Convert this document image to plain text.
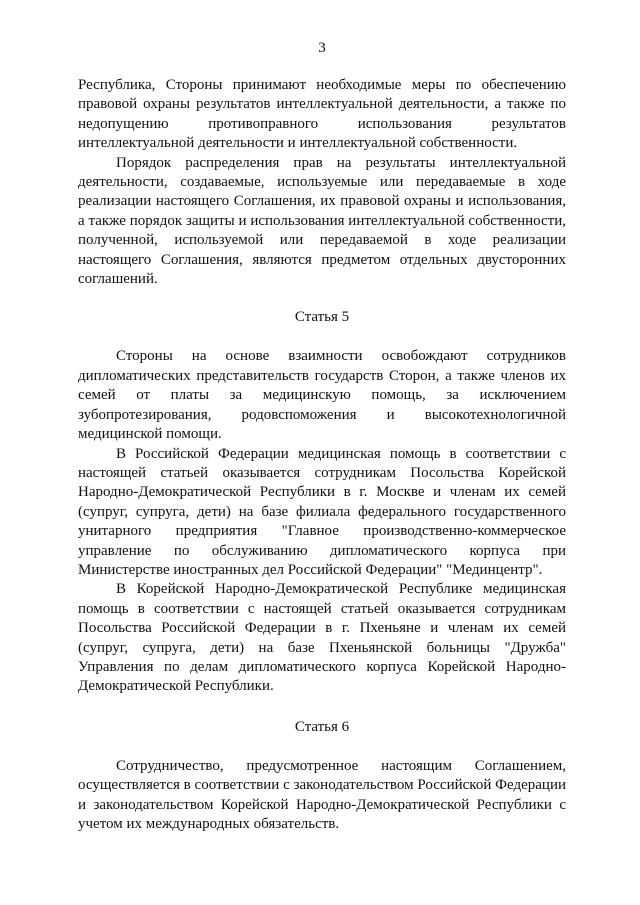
3

Республика, Стороны принимают необходимые меры по обеспечению правовой охраны результатов интеллектуальной деятельности, а также по недопущению противоправного использования результатов интеллектуальной деятельности и интеллектуальной собственности.

Порядок распределения прав на результаты интеллектуальной деятельности, создаваемые, используемые или передаваемые в ходе реализации настоящего Соглашения, их правовой охраны и использования, а также порядок защиты и использования интеллектуальной собственности, полученной, используемой или передаваемой в ходе реализации настоящего Соглашения, являются предметом отдельных двусторонних соглашений.

Статья 5

Стороны на основе взаимности освобождают сотрудников дипломатических представительств государств Сторон, а также членов их семей от платы за медицинскую помощь, за исключением зубопротезирования, родовспоможения и высокотехнологичной медицинской помощи.

В Российской Федерации медицинская помощь в соответствии с настоящей статьей оказывается сотрудникам Посольства Корейской Народно-Демократической Республики в г. Москве и членам их семей (супруг, супруга, дети) на базе филиала федерального государственного унитарного предприятия "Главное производственно-коммерческое управление по обслуживанию дипломатического корпуса при Министерстве иностранных дел Российской Федерации" "Мединцентр".

В Корейской Народно-Демократической Республике медицинская помощь в соответствии с настоящей статьей оказывается сотрудникам Посольства Российской Федерации в г. Пхеньяне и членам их семей (супруг, супруга, дети) на базе Пхеньянской больницы "Дружба" Управления по делам дипломатического корпуса Корейской Народно-Демократической Республики.

Статья 6

Сотрудничество, предусмотренное настоящим Соглашением, осуществляется в соответствии с законодательством Российской Федерации и законодательством Корейской Народно-Демократической Республики с учетом их международных обязательств.
